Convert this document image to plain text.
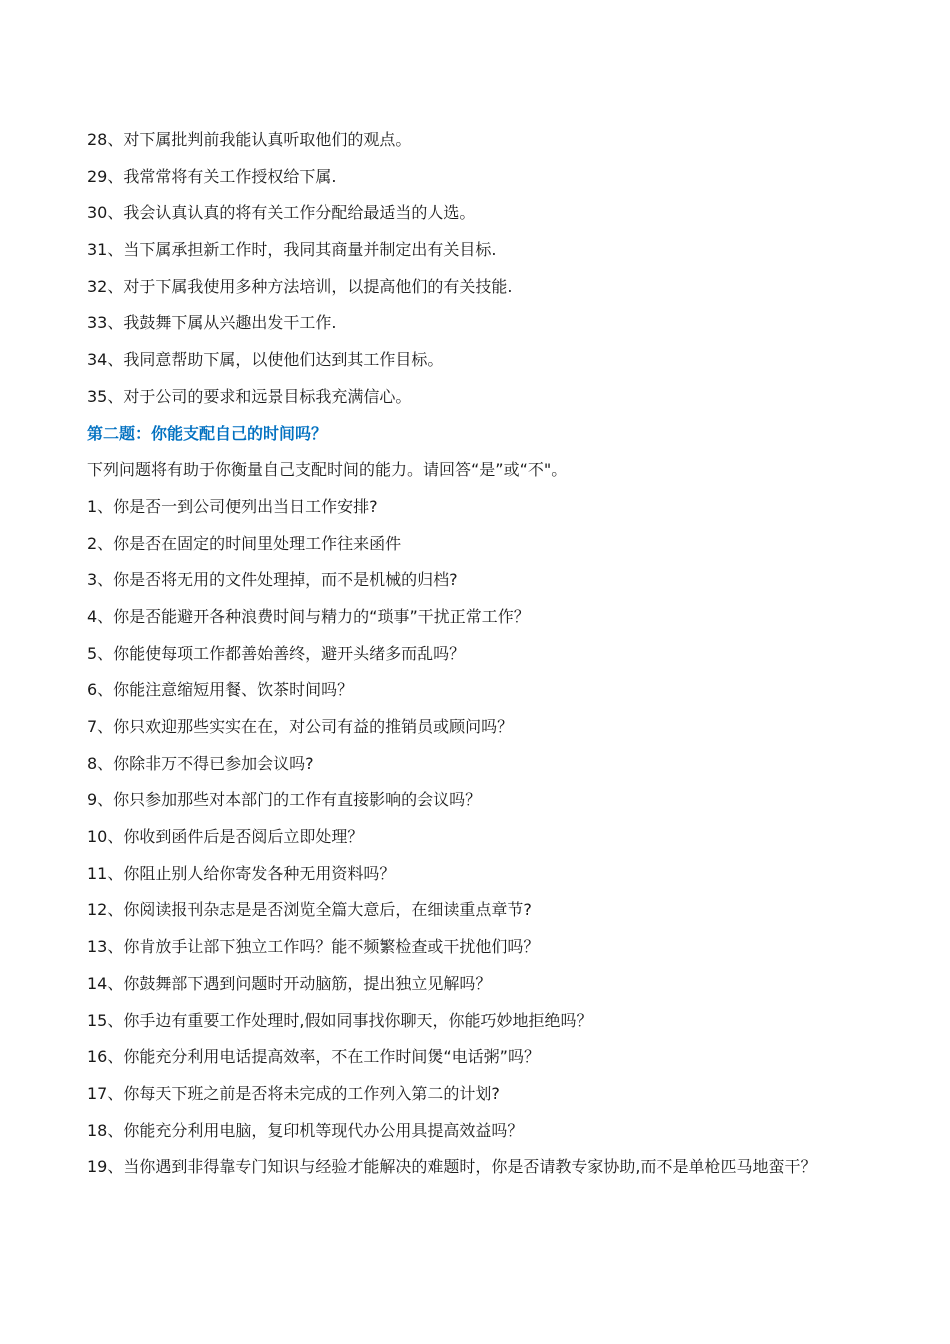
28、对下属批判前我能认真听取他们的观点。

29、我常常将有关工作授权给下属.

30、我会认真认真的将有关工作分配给最适当的人选。

31、当下属承担新工作时，我同其商量并制定出有关目标.

32、对于下属我使用多种方法培训，以提高他们的有关技能.

33、我鼓舞下属从兴趣出发干工作.

34、我同意帮助下属，以使他们达到其工作目标。

35、对于公司的要求和远景目标我充满信心。

第二题：你能支配自己的时间吗？

下列问题将有助于你衡量自己支配时间的能力。请回答“是”或“不"。

1、你是否一到公司便列出当日工作安排?

2、你是否在固定的时间里处理工作往来函件

3、你是否将无用的文件处理掉，而不是机械的归档?

4、你是否能避开各种浪费时间与精力的“琐事”干扰正常工作？

5、你能使每项工作都善始善终，避开头绪多而乱吗？

6、你能注意缩短用餐、饮茶时间吗？

7、你只欢迎那些实实在在，对公司有益的推销员或顾问吗？

8、你除非万不得已参加会议吗?

9、你只参加那些对本部门的工作有直接影响的会议吗？

10、你收到函件后是否阅后立即处理？

11、你阻止别人给你寄发各种无用资料吗？

12、你阅读报刊杂志是是否浏览全篇大意后，在细读重点章节?

13、你肯放手让部下独立工作吗？能不频繁检查或干扰他们吗？

14、你鼓舞部下遇到问题时开动脑筋，提出独立见解吗？

15、你手边有重要工作处理时,假如同事找你聊天，你能巧妙地拒绝吗？

16、你能充分利用电话提高效率，不在工作时间煲“电话粥”吗？

17、你每天下班之前是否将未完成的工作列入第二的计划?

18、你能充分利用电脑，复印机等现代办公用具提高效益吗？

19、当你遇到非得靠专门知识与经验才能解决的难题时，你是否请教专家协助,而不是单枪匹马地蛮干？
